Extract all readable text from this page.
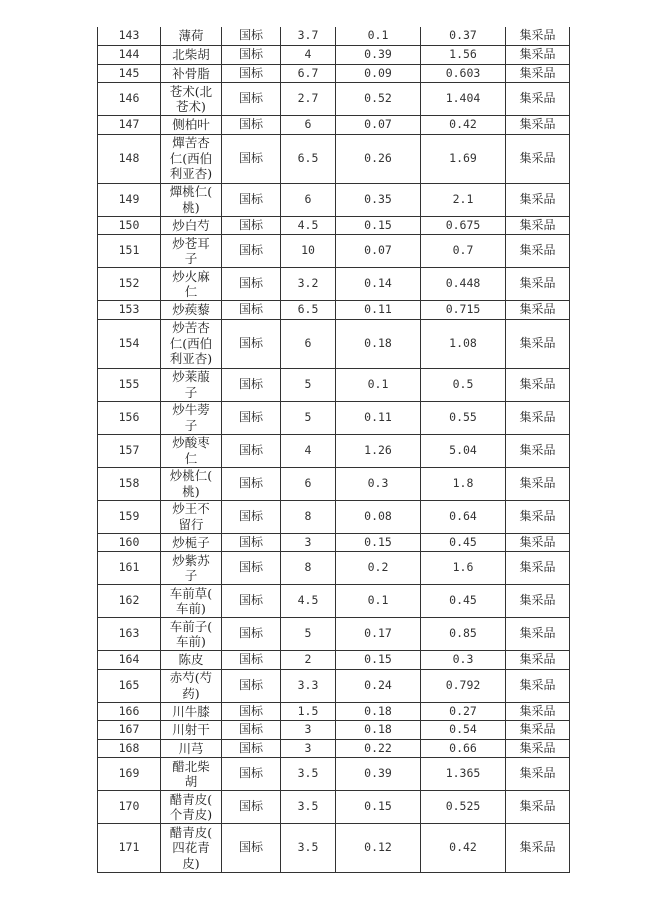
143	薄荷	国标	3.7	0.1	0.37	集采品
144	北柴胡	国标	4	0.39	1.56	集采品
145	补骨脂	国标	6.7	0.09	0.603	集采品
146	苍术(北
苍术)	国标	2.7	0.52	1.404	集采品
147	侧柏叶	国标	6	0.07	0.42	集采品
148	燀苦杏
仁(西伯
利亚杏)	国标	6.5	0.26	1.69	集采品
149	燀桃仁(
桃)	国标	6	0.35	2.1	集采品
150	炒白芍	国标	4.5	0.15	0.675	集采品
151	炒苍耳
子	国标	10	0.07	0.7	集采品
152	炒火麻
仁	国标	3.2	0.14	0.448	集采品
153	炒蒺藜	国标	6.5	0.11	0.715	集采品
154	炒苦杏
仁(西伯
利亚杏)	国标	6	0.18	1.08	集采品
155	炒莱菔
子	国标	5	0.1	0.5	集采品
156	炒牛蒡
子	国标	5	0.11	0.55	集采品
157	炒酸枣
仁	国标	4	1.26	5.04	集采品
158	炒桃仁(
桃)	国标	6	0.3	1.8	集采品
159	炒王不
留行	国标	8	0.08	0.64	集采品
160	炒栀子	国标	3	0.15	0.45	集采品
161	炒紫苏
子	国标	8	0.2	1.6	集采品
162	车前草(
车前)	国标	4.5	0.1	0.45	集采品
163	车前子(
车前)	国标	5	0.17	0.85	集采品
164	陈皮	国标	2	0.15	0.3	集采品
165	赤芍(芍
药)	国标	3.3	0.24	0.792	集采品
166	川牛膝	国标	1.5	0.18	0.27	集采品
167	川射干	国标	3	0.18	0.54	集采品
168	川芎	国标	3	0.22	0.66	集采品
169	醋北柴
胡	国标	3.5	0.39	1.365	集采品
170	醋青皮(
个青皮)	国标	3.5	0.15	0.525	集采品
171	醋青皮(
四花青
皮)	国标	3.5	0.12	0.42	集采品
